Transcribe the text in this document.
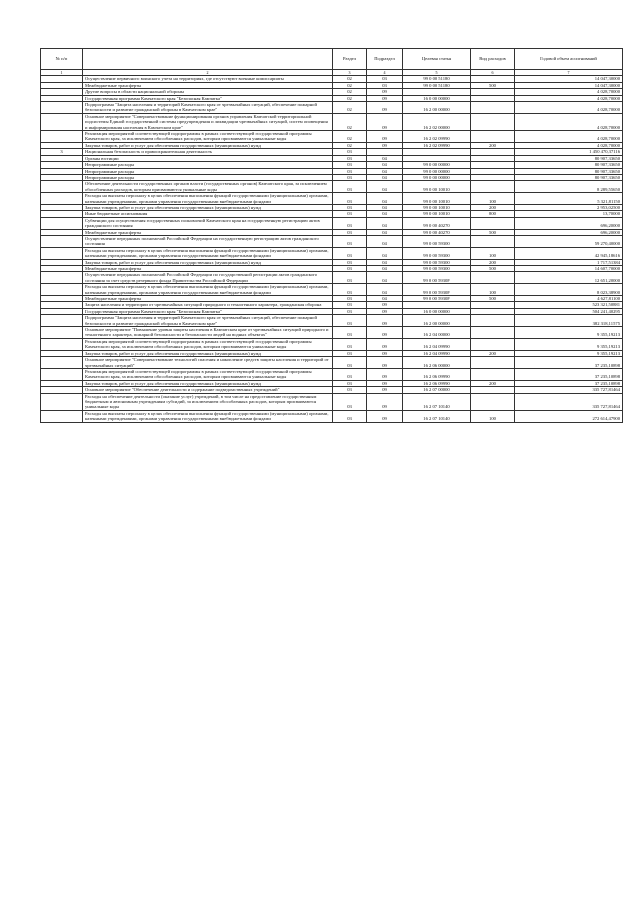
№ п/п		Раздел	Подраздел	Целевая статья	Вид расходов	Годовой объем ассигнований
1	2	3	4	5	6	7
	Осуществление первичного воинского учета на территориях, где отсутствуют военные комиссариаты	02	03	99 0 00 51180		14 047,30000
	Межбюджетные трансферты	02	03	99 0 00 51180	500	14 047,30000
	Другие вопросы в области национальной обороны	02	09			4 028,70000
	Государственная программа Камчатского края "Безопасная Камчатка"	02	09	16 0 00 00000		4 028,70000
	Подпрограмма "Защита населения и территорий Камчатского края от чрезвычайных ситуаций, обеспечение пожарной безопасности и развитие гражданской обороны в Камчатском крае"	02	09	16 2 00 00000		4 028,70000
	Основное мероприятие "Совершенствование функционирования органов управления Камчатской территориальной подсистемы Единой государственной системы предупреждения и ликвидации чрезвычайных ситуаций, систем оповещения и информирования населения в Камчатском крае"	02	09	16 2 02 00000		4 028,70000
	Реализация мероприятий соответствующей подпрограммы в рамках соответствующей государственной программы Камчатского края, за исключением обособленных расходов, которым присваиваются уникальные коды	02	09	16 2 02 09990		4 028,70000
	Закупка товаров, работ и услуг для обеспечения государственных (муниципальных) нужд	02	09	16 2 02 09990	200	4 028,70000
3	Национальная безопасность и правоохранительная деятельность	03				1 450 470,37116
	Органы юстиции	03	04			80 907,33650
	Непрограммные расходы	03	04	99 0 00 00000		80 907,33650
	Непрограммные расходы	03	04	99 0 00 00000		80 907,33650
	Непрограммные расходы	03	04	99 0 00 00000		80 907,33650
	Обеспечение деятельности государственных органов власти (государственных органов) Камчатского края, за исключением обособленных расходов, которым присваиваются уникальные коды	03	04	99 0 00 10010		8 289,55650
	Расходы на выплаты персоналу в целях обеспечения выполнения функций государственными (муниципальными) органами, казенными учреждениями, органами управления государственными внебюджетными фондами	03	04	99 0 00 10010	100	5 321,81150
	Закупка товаров, работ и услуг для обеспечения государственных (муниципальных) нужд	03	04	99 0 00 10010	200	2 953,02500
	Иные бюджетные ассигнования	03	04	99 0 00 10010	800	13,70000
	Субвенции для осуществления государственных полномочий Камчатского края на государственную регистрацию актов гражданского состояния	03	04	99 0 00 40270		696,20000
	Межбюджетные трансферты	03	04	99 0 00 40270	500	696,20000
	Осуществление переданных полномочий Российской Федерации на государственную регистрацию актов гражданского состояния	03	04	99 0 00 59300		59 270,40000
	Расходы на выплаты персоналу в целях обеспечения выполнения функций государственными (муниципальными) органами, казенными учреждениями, органами управления государственными внебюджетными фондами	03	04	99 0 00 59300	100	42 945,18616
	Закупка товаров, работ и услуг для обеспечения государственных (муниципальных) нужд	03	04	99 0 00 59300	200	1 717,51384
	Межбюджетные трансферты	03	04	99 0 00 59300	500	14 607,70000
	Осуществление переданных полномочий Российской Федерации по государственной регистрации актов гражданского состояния за счет средств резервного фонда Правительства Российской Федерации	03	04	99 0 00 5930F		12 651,20000
	Расходы на выплаты персоналу в целях обеспечения выполнения функций государственными (муниципальными) органами, казенными учреждениями, органами управления государственными внебюджетными фондами	03	04	99 0 00 5930F	100	8 023,38900
	Межбюджетные трансферты	03	04	99 0 00 5930F	500	4 627,81100
	Защита населения и территории от чрезвычайных ситуаций природного и техногенного характера, гражданская оборона	03	09			523 321,50881
	Государственная программа Камчатского края "Безопасная Камчатка"	03	09	16 0 00 00000		504 241,40295
	Подпрограмма "Защита населения и территорий Камчатского края от чрезвычайных ситуаций, обеспечение пожарной безопасности и развитие гражданской обороны в Камчатском крае"	03	09	16 2 00 00000		382 318,11575
	Основное мероприятие "Повышение уровня защиты населения в Камчатском крае от чрезвычайных ситуаций природного и техногенного характера, пожарной безопасности и безопасности людей на водных объектах"	03	09	16 2 04 00000		9 355,19213
	Реализация мероприятий соответствующей подпрограммы в рамках соответствующей государственной программы Камчатского края, за исключением обособленных расходов, которым присваиваются уникальные коды	03	09	16 2 04 09990		9 355,19213
	Закупка товаров, работ и услуг для обеспечения государственных (муниципальных) нужд	03	09	16 2 04 09990	200	9 355,19213
	Основное мероприятие "Совершенствование технологий спасения и накопление средств защиты населения и территорий от чрезвычайных ситуаций"	03	09	16 2 06 00000		37 235,10898
	Реализация мероприятий соответствующей подпрограммы в рамках соответствующей государственной программы Камчатского края, за исключением обособленных расходов, которым присваиваются уникальные коды	03	09	16 2 06 09990		37 235,10898
	Закупка товаров, работ и услуг для обеспечения государственных (муниципальных) нужд	03	09	16 2 06 09990	200	37 235,10898
	Основное мероприятие "Обеспечение деятельности и содержание подведомственных учреждений"	03	09	16 2 07 00000		335 727,81464
	Расходы на обеспечение деятельности (оказание услуг) учреждений, в том числе на предоставление государственным бюджетным и автономным учреждениям субсидий, за исключением обособленных расходов, которым присваиваются уникальные коды	03	09	16 2 07 10140		335 727,81464
	Расходы на выплаты персоналу в целях обеспечения выполнения функций государственными (муниципальными) органами, казенными учреждениями, органами управления государственными внебюджетными фондами	03	09	16 2 07 10140	100	272 614,47900
